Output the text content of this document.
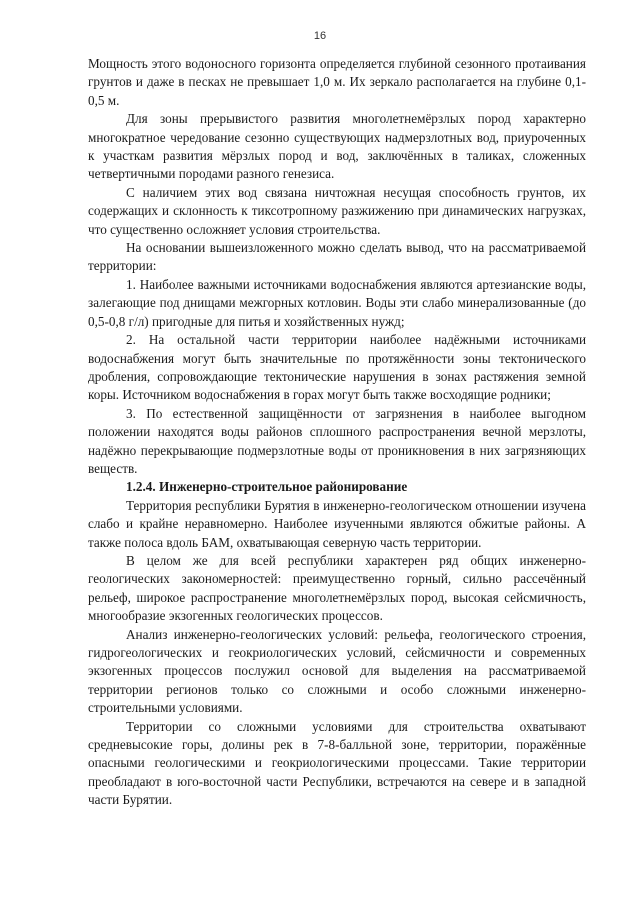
16

Мощность этого водоносного горизонта определяется глубиной сезонного протаивания грунтов и даже в песках не превышает 1,0 м. Их зеркало располагается на глубине 0,1-0,5 м.

Для зоны прерывистого развития многолетнемёрзлых пород характерно многократное чередование сезонно существующих надмерзлотных вод, приуроченных к участкам развития мёрзлых пород и вод, заключённых в таликах, сложенных четвертичными породами разного генезиса.

С наличием этих вод связана ничтожная несущая способность грунтов, их содержащих и склонность к тиксотропному разжижению при динамических нагрузках, что существенно осложняет условия строительства.

На основании вышеизложенного можно сделать вывод, что на рассматриваемой территории:

1. Наиболее важными источниками водоснабжения являются артезианские воды, залегающие под днищами межгорных котловин. Воды эти слабо минерализованные (до 0,5-0,8 г/л) пригодные для питья и хозяйственных нужд;

2. На остальной части территории наиболее надёжными источниками водоснабжения могут быть значительные по протяжённости зоны тектонического дробления, сопровождающие тектонические нарушения в зонах растяжения земной коры. Источником водоснабжения в горах могут быть также восходящие родники;

3. По естественной защищённости от загрязнения в наиболее выгодном положении находятся воды районов сплошного распространения вечной мерзлоты, надёжно перекрывающие подмерзлотные воды от проникновения в них загрязняющих веществ.

1.2.4. Инженерно-строительное районирование

Территория республики Бурятия в инженерно-геологическом отношении изучена слабо и крайне неравномерно. Наиболее изученными являются обжитые районы. А также полоса вдоль БАМ, охватывающая северную часть территории.

В целом же для всей республики характерен ряд общих инженерно-геологических закономерностей: преимущественно горный, сильно рассечённый рельеф, широкое распространение многолетнемёрзлых пород, высокая сейсмичность, многообразие экзогенных геологических процессов.

Анализ инженерно-геологических условий: рельефа, геологического строения, гидрогеологических и геокриологических условий, сейсмичности и современных экзогенных процессов послужил основой для выделения на рассматриваемой территории регионов только со сложными и особо сложными инженерно-строительными условиями.

Территории со сложными условиями для строительства охватывают средневысокие горы, долины рек в 7-8-балльной зоне, территории, поражённые опасными геологическими и геокриологическими процессами. Такие территории преобладают в юго-восточной части Республики, встречаются на севере и в западной части Бурятии.
